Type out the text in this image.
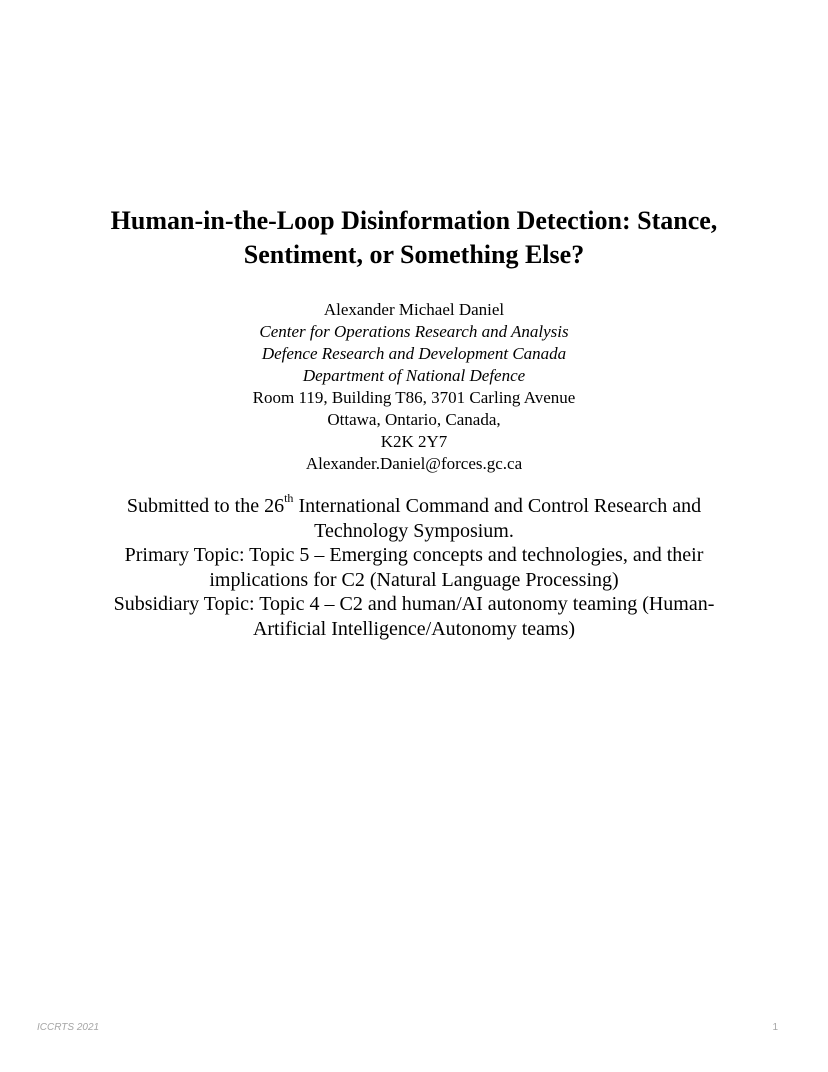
Human-in-the-Loop Disinformation Detection: Stance,
Sentiment, or Something Else?
Alexander Michael Daniel
Center for Operations Research and Analysis
Defence Research and Development Canada
Department of National Defence
Room 119, Building T86, 3701 Carling Avenue
Ottawa, Ontario, Canada,
K2K 2Y7
Alexander.Daniel@forces.gc.ca
Submitted to the 26th International Command and Control Research and
Technology Symposium.
Primary Topic: Topic 5 – Emerging concepts and technologies, and their
implications for C2 (Natural Language Processing)
Subsidiary Topic: Topic 4 – C2 and human/AI autonomy teaming (Human-
Artificial Intelligence/Autonomy teams)
ICCRTS 2021	1
